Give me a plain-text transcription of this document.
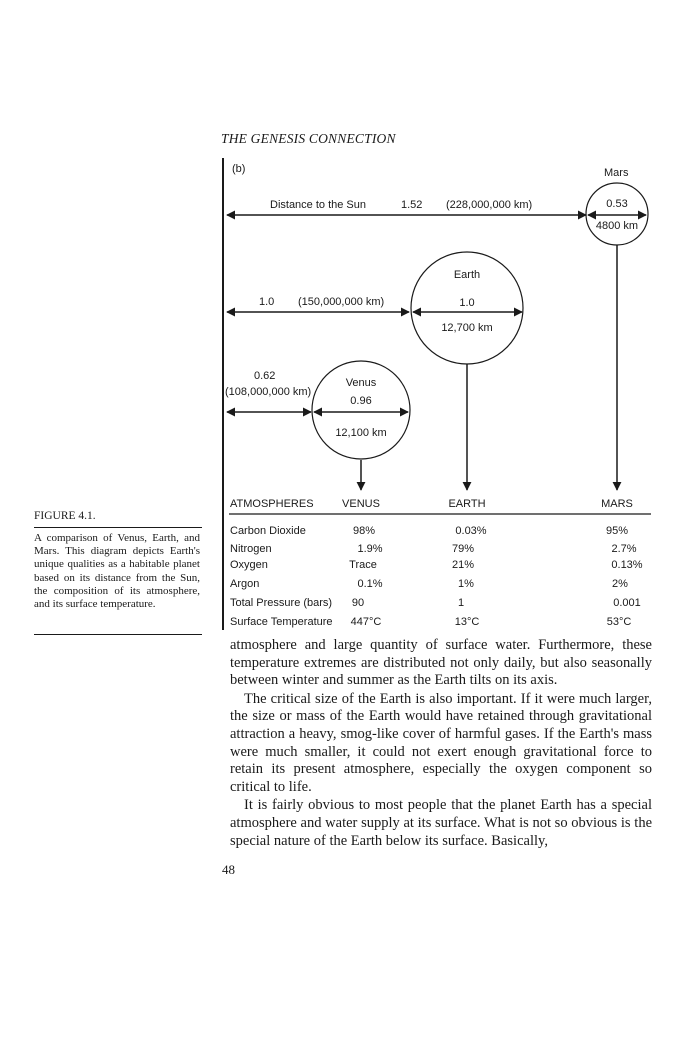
THE GENESIS CONNECTION
(b)	Mars
0.53
4800 km
Distance to the Sun	1.52 (228,000,000 km)
Earth
1.0
12,700 km
1.0 (150,000,000 km)
Venus
0.96
12,100 km
0.62
(108,000,000 km)
ATMOSPHERES	VENUS	EARTH	MARS
Carbon Dioxide	98%	0.03%	95%
Nitrogen	1.9%	79%	2.7%
Oxygen	Trace	21%	0.13%
Argon	0.1%	1%	2%
Total Pressure (bars) 90	1	0.001
Surface Temperature 447°C	13°C	53°C
FIGURE 4.1.
A comparison of Venus, Earth, and Mars. This diagram depicts Earth's unique qualities as a habitable planet based on its distance from the Sun, the composition of its atmosphere, and its surface temperature.

atmosphere and large quantity of surface water. Furthermore, these temperature extremes are distributed not only daily, but also seasonally between winter and summer as the Earth tilts on its axis.

The critical size of the Earth is also important. If it were much larger, the size or mass of the Earth would have retained through gravitational attraction a heavy, smog-like cover of harmful gases. If the Earth's mass were much smaller, it could not exert enough gravitational force to retain its present atmosphere, especially the oxygen component so critical to life.

It is fairly obvious to most people that the planet Earth has a special atmosphere and water supply at its surface. What is not so obvious is the special nature of the Earth below its surface. Basically,

48
